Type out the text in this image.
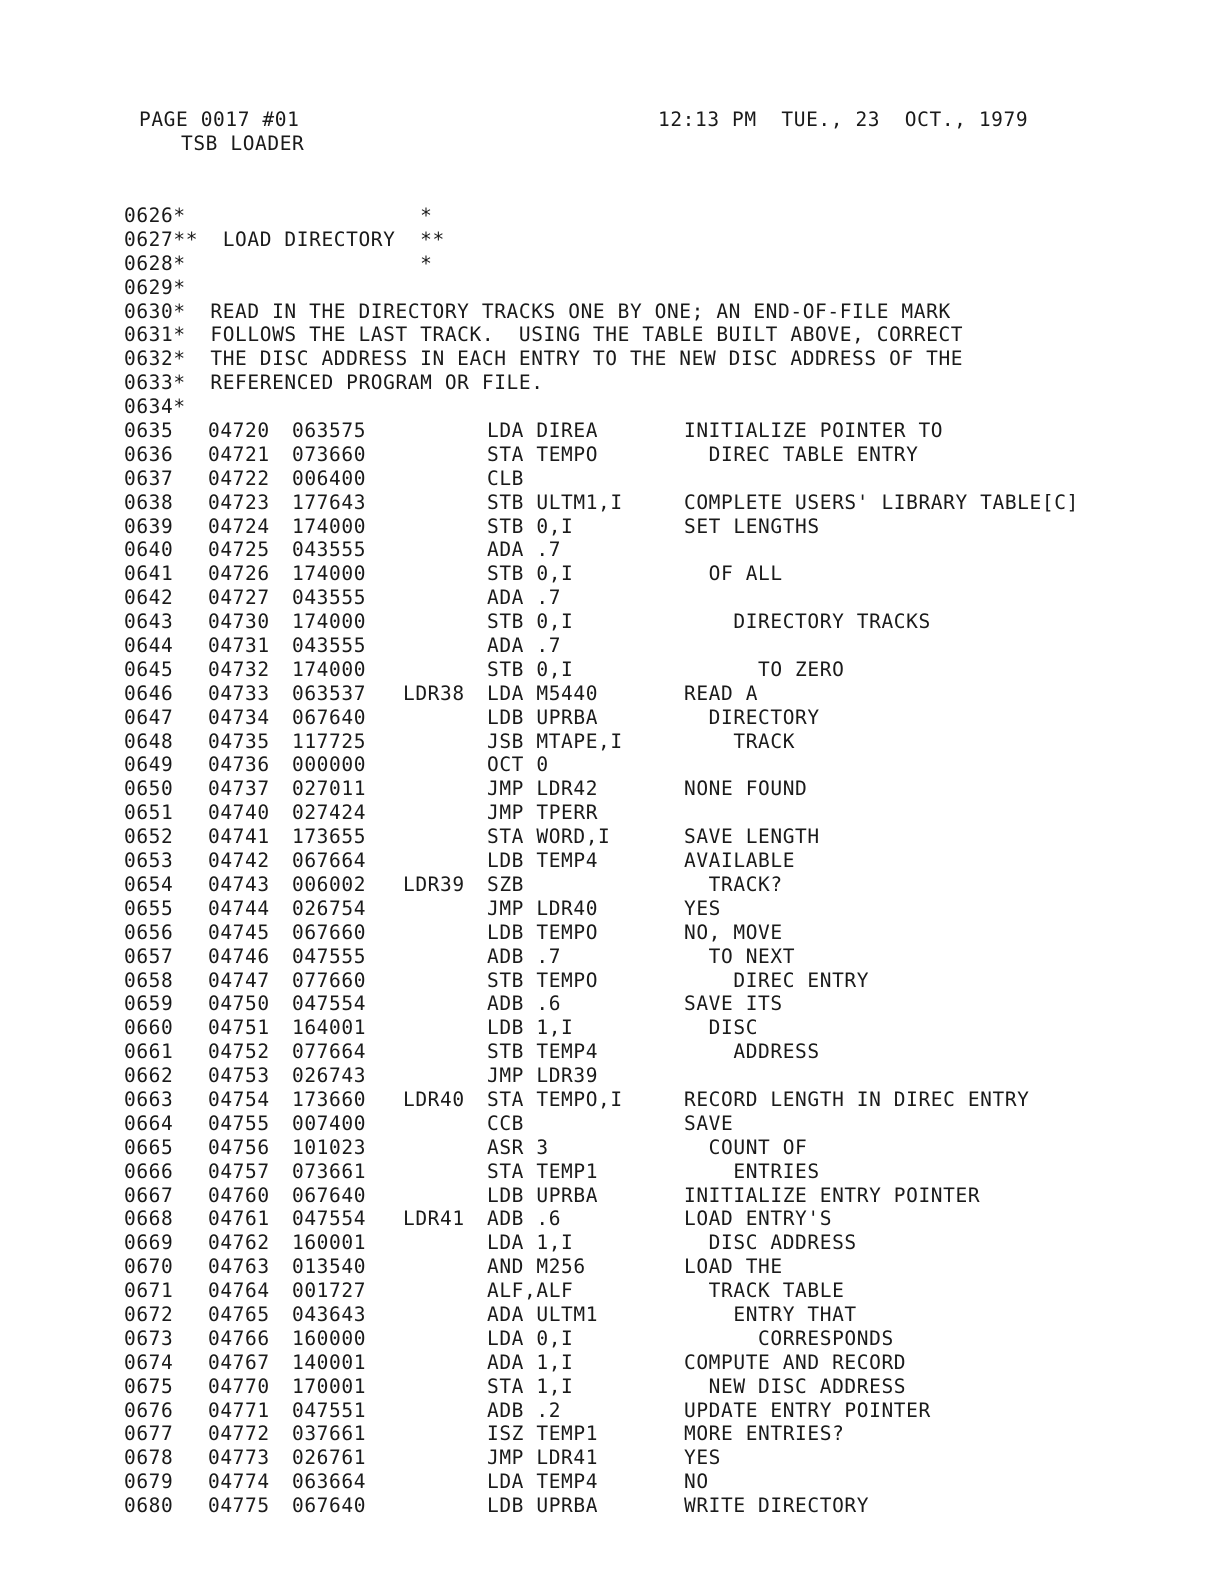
PAGE 0017 #01
TSB LOADER
12:13 PM  TUE., 23  OCT., 1979
0626*                   *
0627**  LOAD DIRECTORY  **
0628*                   *
0629*
0630*  READ IN THE DIRECTORY TRACKS ONE BY ONE; AN END-OF-FILE MARK
0631*  FOLLOWS THE LAST TRACK.  USING THE TABLE BUILT ABOVE, CORRECT
0632*  THE DISC ADDRESS IN EACH ENTRY TO THE NEW DISC ADDRESS OF THE
0633*  REFERENCED PROGRAM OR FILE.
0634*
0635 04720 063575	LDA DIREA	INITIALIZE POINTER TO
0636 04721 073660	STA TEMPO	DIREC TABLE ENTRY
0637 04722 006400	CLB
0638 04723 177643	STB ULTM1,I	COMPLETE USERS' LIBRARY TABLE[C]
0639 04724 174000	STB 0,I	SET LENGTHS
0640 04725 043555	ADA .7
0641 04726 174000	STB 0,I	OF ALL
0642 04727 043555	ADA .7
0643 04730 174000	STB 0,I	DIRECTORY TRACKS
0644 04731 043555	ADA .7
0645 04732 174000	STB 0,I	TO ZERO
0646 04733 063537 LDR38 LDA M5440	READ A
0647 04734 067640	LDB UPRBA	DIRECTORY
0648 04735 117725	JSB MTAPE,I	TRACK
0649 04736 000000	OCT 0
0650 04737 027011	JMP LDR42	NONE FOUND
0651 04740 027424	JMP TPERR
0652 04741 173655	STA WORD,I	SAVE LENGTH
0653 04742 067664	LDB TEMP4	AVAILABLE
0654 04743 006002 LDR39 SZB	TRACK?
0655 04744 026754	JMP LDR40	YES
0656 04745 067660	LDB TEMPO	NO, MOVE
0657 04746 047555	ADB .7	TO NEXT
0658 04747 077660	STB TEMPO	DIREC ENTRY
0659 04750 047554	ADB .6	SAVE ITS
0660 04751 164001	LDB 1,I	DISC
0661 04752 077664	STB TEMP4	ADDRESS
0662 04753 026743	JMP LDR39
0663 04754 173660 LDR40 STA TEMPO,I	RECORD LENGTH IN DIREC ENTRY
0664 04755 007400	CCB	SAVE
0665 04756 101023	ASR 3	COUNT OF
0666 04757 073661	STA TEMP1	ENTRIES
0667 04760 067640	LDB UPRBA	INITIALIZE ENTRY POINTER
0668 04761 047554 LDR41 ADB .6	LOAD ENTRY'S
0669 04762 160001	LDA 1,I	DISC ADDRESS
0670 04763 013540	AND M256	LOAD THE
0671 04764 001727	ALF,ALF	TRACK TABLE
0672 04765 043643	ADA ULTM1	ENTRY THAT
0673 04766 160000	LDA 0,I	CORRESPONDS
0674 04767 140001	ADA 1,I	COMPUTE AND RECORD
0675 04770 170001	STA 1,I	NEW DISC ADDRESS
0676 04771 047551	ADB .2	UPDATE ENTRY POINTER
0677 04772 037661	ISZ TEMP1	MORE ENTRIES?
0678 04773 026761	JMP LDR41	YES
0679 04774 063664	LDA TEMP4	NO
0680 04775 067640	LDB UPRBA	WRITE DIRECTORY
